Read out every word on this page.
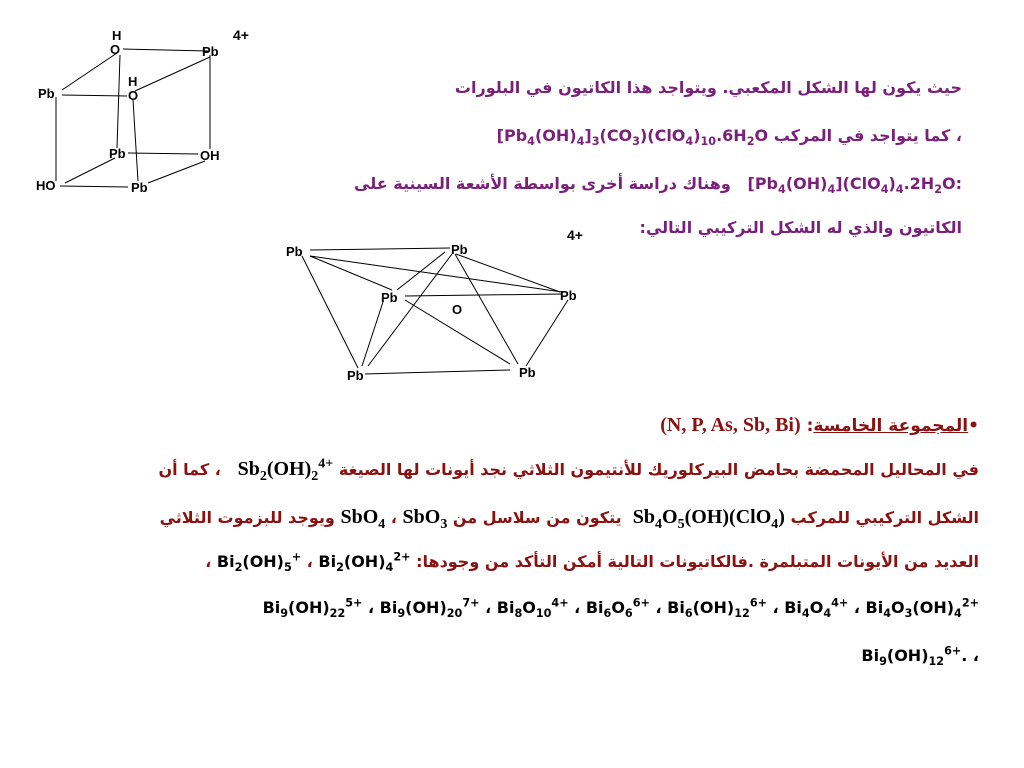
H
O	Pb
Pb
H
O
Pb	OH
HO	Pb
4+
حيث يكون لها الشكل المكعبي. ويتواجد هذا الكاتيون في البلورات
، كما يتواجد في المركب $[Pb_4(OH)_4]_3(CO_3)(ClO_4)_{10}.6H_2O$
$[Pb_4(OH)_4](ClO_4)_4.2H_2O$:   وهناك دراسة أخرى بواسطة الأشعة السينية على
الكاتيون والذي له الشكل التركيبي التالي:
Pb	Pb
Pb	Pb
O
Pb	Pb
4+
•المجموعة الخامسة: (N, P, As, Sb, Bi)
في المحاليل المحمضة بحامض البيركلوريك للأنتيمون الثلاثي نجد أيونات لها الصيغة $Sb_2(OH)_2^{4+}$   ، كما أن
الشكل التركيبي للمركب $Sb_4O_5(OH)(ClO_4)$  يتكون من سلاسل من SbO$_3$ ، SbO$_4$ ويوجد للبزموت الثلاثي
العديد من الأيونات المتبلمرة .فالكاتيونات التالية أمكن التأكد من وجودها: $Bi_2(OH)_4^{2+}$ ، $Bi_2(OH)_5^+$ ،
$Bi_4O_3(OH)_4^{2+}$ ، $Bi_4O_4^{4+}$ ، $Bi_6(OH)_{12}^{6+}$ ، $Bi_6O_6^{6+}$ ، $Bi_8O_{10}^{4+}$ ، $Bi_9(OH)_{20}^{7+}$ ، $Bi_9(OH)_{22}^{5+}$
، $Bi_9(OH)_{12}^{6+}$.
